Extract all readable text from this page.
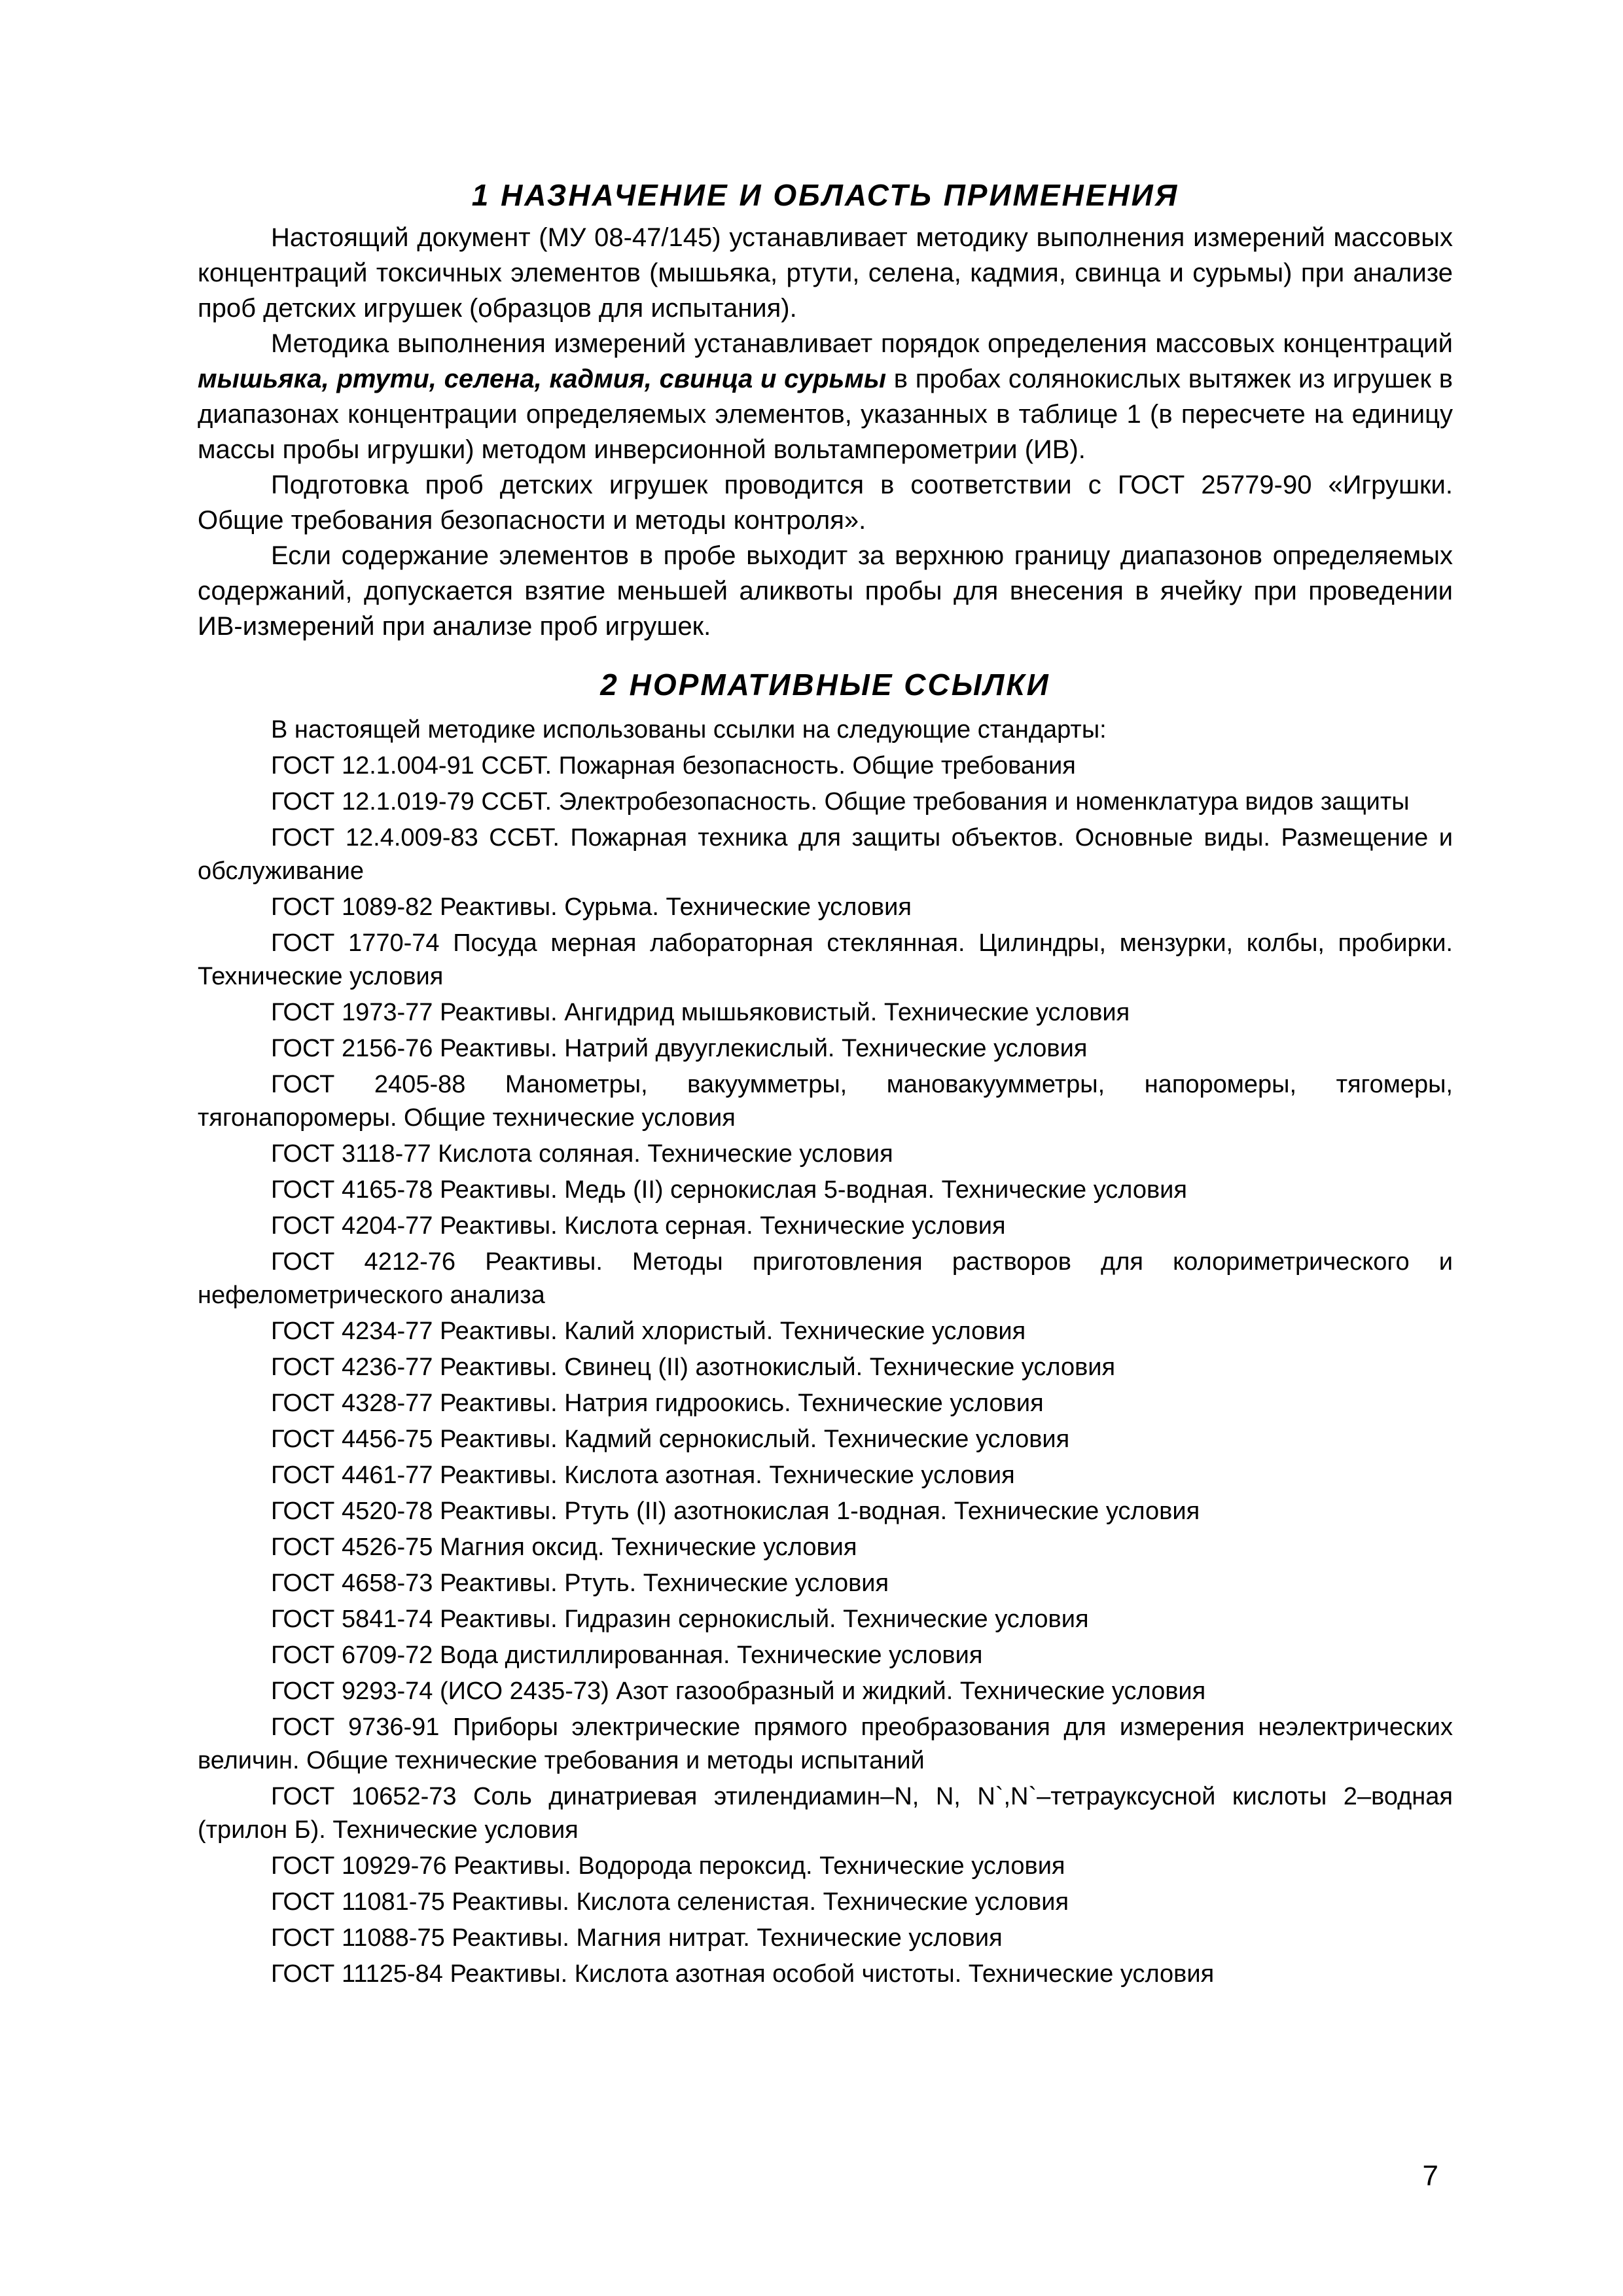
1 НАЗНАЧЕНИЕ И ОБЛАСТЬ ПРИМЕНЕНИЯ

Настоящий документ (МУ 08-47/145) устанавливает методику выполнения измерений массовых концентраций токсичных элементов (мышьяка, ртути, селена, кадмия, свинца и сурьмы) при анализе проб детских игрушек (образцов для испытания).

Методика выполнения измерений устанавливает порядок определения массовых концентраций мышьяка, ртути, селена, кадмия, свинца и сурьмы в пробах солянокислых вытяжек из игрушек в диапазонах концентрации определяемых элементов, указанных в таблице 1 (в пересчете на единицу массы пробы игрушки) методом инверсионной вольтамперометрии (ИВ).

Подготовка проб детских игрушек проводится в соответствии с ГОСТ 25779-90 «Игрушки. Общие требования безопасности и методы контроля».

Если содержание элементов в пробе выходит за верхнюю границу диапазонов определяемых содержаний, допускается взятие меньшей аликвоты пробы для внесения в ячейку при проведении ИВ-измерений при анализе проб игрушек.

2 НОРМАТИВНЫЕ ССЫЛКИ

В настоящей методике использованы ссылки на следующие стандарты:

ГОСТ 12.1.004-91 ССБТ. Пожарная безопасность. Общие требования

ГОСТ 12.1.019-79 ССБТ. Электробезопасность. Общие требования и номенклатура видов защиты

ГОСТ 12.4.009-83 ССБТ. Пожарная техника для защиты объектов. Основные виды. Размещение и обслуживание

ГОСТ 1089-82 Реактивы. Сурьма. Технические условия

ГОСТ 1770-74 Посуда мерная лабораторная стеклянная. Цилиндры, мензурки, колбы, пробирки. Технические условия

ГОСТ 1973-77 Реактивы. Ангидрид мышьяковистый. Технические условия

ГОСТ 2156-76 Реактивы. Натрий двууглекислый. Технические условия

ГОСТ 2405-88 Манометры, вакуумметры, мановакуумметры, напоромеры, тягомеры, тягонапоромеры. Общие технические условия

ГОСТ 3118-77 Кислота соляная. Технические условия

ГОСТ 4165-78 Реактивы. Медь (II) сернокислая 5-водная. Технические условия

ГОСТ 4204-77 Реактивы. Кислота серная. Технические условия

ГОСТ 4212-76 Реактивы. Методы приготовления растворов для колориметрического и нефелометрического анализа

ГОСТ 4234-77 Реактивы. Калий хлористый. Технические условия

ГОСТ 4236-77 Реактивы. Свинец (II) азотнокислый. Технические условия

ГОСТ 4328-77 Реактивы. Натрия гидроокись. Технические условия

ГОСТ 4456-75 Реактивы. Кадмий сернокислый. Технические условия

ГОСТ 4461-77 Реактивы. Кислота азотная. Технические условия

ГОСТ 4520-78 Реактивы. Ртуть (II) азотнокислая 1-водная. Технические условия

ГОСТ 4526-75 Магния оксид. Технические условия

ГОСТ 4658-73 Реактивы. Ртуть. Технические условия

ГОСТ 5841-74 Реактивы. Гидразин сернокислый. Технические условия

ГОСТ 6709-72 Вода дистиллированная. Технические условия

ГОСТ 9293-74 (ИСО 2435-73) Азот газообразный и жидкий. Технические условия

ГОСТ 9736-91 Приборы электрические прямого преобразования для измерения неэлектрических величин. Общие технические требования и методы испытаний

ГОСТ 10652-73 Соль динатриевая этилендиамин–N, N, N`,N`–тетрауксусной кислоты 2–водная (трилон Б). Технические условия

ГОСТ 10929-76 Реактивы. Водорода пероксид. Технические условия

ГОСТ 11081-75 Реактивы. Кислота селенистая. Технические условия

ГОСТ 11088-75 Реактивы. Магния нитрат. Технические условия

ГОСТ 11125-84 Реактивы. Кислота азотная особой чистоты. Технические условия

7
